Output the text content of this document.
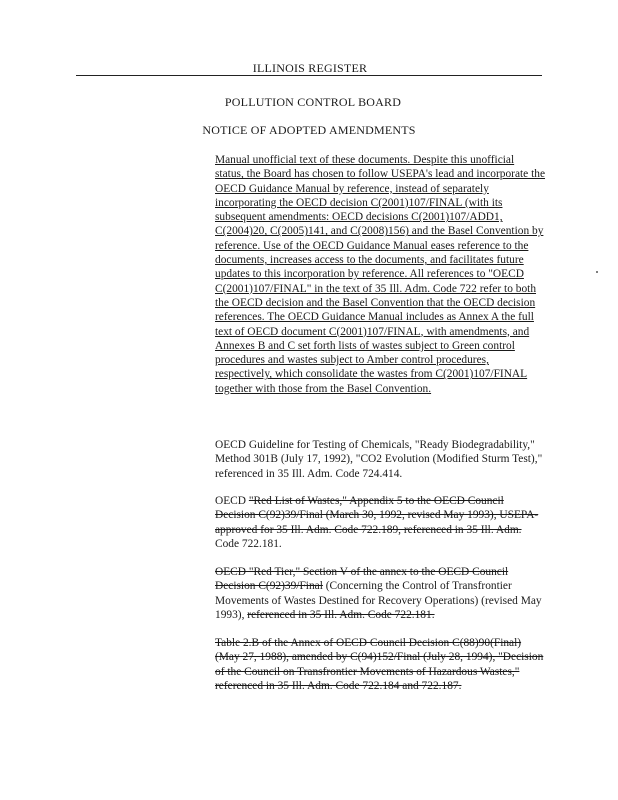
ILLINOIS REGISTER
POLLUTION CONTROL BOARD
NOTICE OF ADOPTED AMENDMENTS

Manual unofficial text of these documents. Despite this unofficial status, the Board has chosen to follow USEPA's lead and incorporate the OECD Guidance Manual by reference, instead of separately incorporating the OECD decision C(2001)107/FINAL (with its subsequent amendments: OECD decisions C(2001)107/ADD1, C(2004)20, C(2005)141, and C(2008)156) and the Basel Convention by reference. Use of the OECD Guidance Manual eases reference to the documents, increases access to the documents, and facilitates future updates to this incorporation by reference. All references to "OECD C(2001)107/FINAL" in the text of 35 Ill. Adm. Code 722 refer to both the OECD decision and the Basel Convention that the OECD decision references. The OECD Guidance Manual includes as Annex A the full text of OECD document C(2001)107/FINAL, with amendments, and Annexes B and C set forth lists of wastes subject to Green control procedures and wastes subject to Amber control procedures, respectively, which consolidate the wastes from C(2001)107/FINAL together with those from the Basel Convention.

OECD Guideline for Testing of Chemicals, "Ready Biodegradability," Method 301B (July 17, 1992), "CO2 Evolution (Modified Sturm Test)," referenced in 35 Ill. Adm. Code 724.414.

OECD "Red List of Wastes," Appendix 5 to the OECD Council Decision C(92)39/Final (March 30, 1992, revised May 1993), USEPA-approved for 35 Ill. Adm. Code 722.189, referenced in 35 Ill. Adm. Code 722.181.

OECD "Red Tier," Section V of the annex to the OECD Council Decision C(92)39/Final (Concerning the Control of Transfrontier Movements of Wastes Destined for Recovery Operations) (revised May 1993), referenced in 35 Ill. Adm. Code 722.181.

Table 2.B of the Annex of OECD Council Decision C(88)90(Final) (May 27, 1988), amended by C(94)152/Final (July 28, 1994), "Decision of the Council on Transfrontier Movements of Hazardous Wastes," referenced in 35 Ill. Adm. Code 722.184 and 722.187.
